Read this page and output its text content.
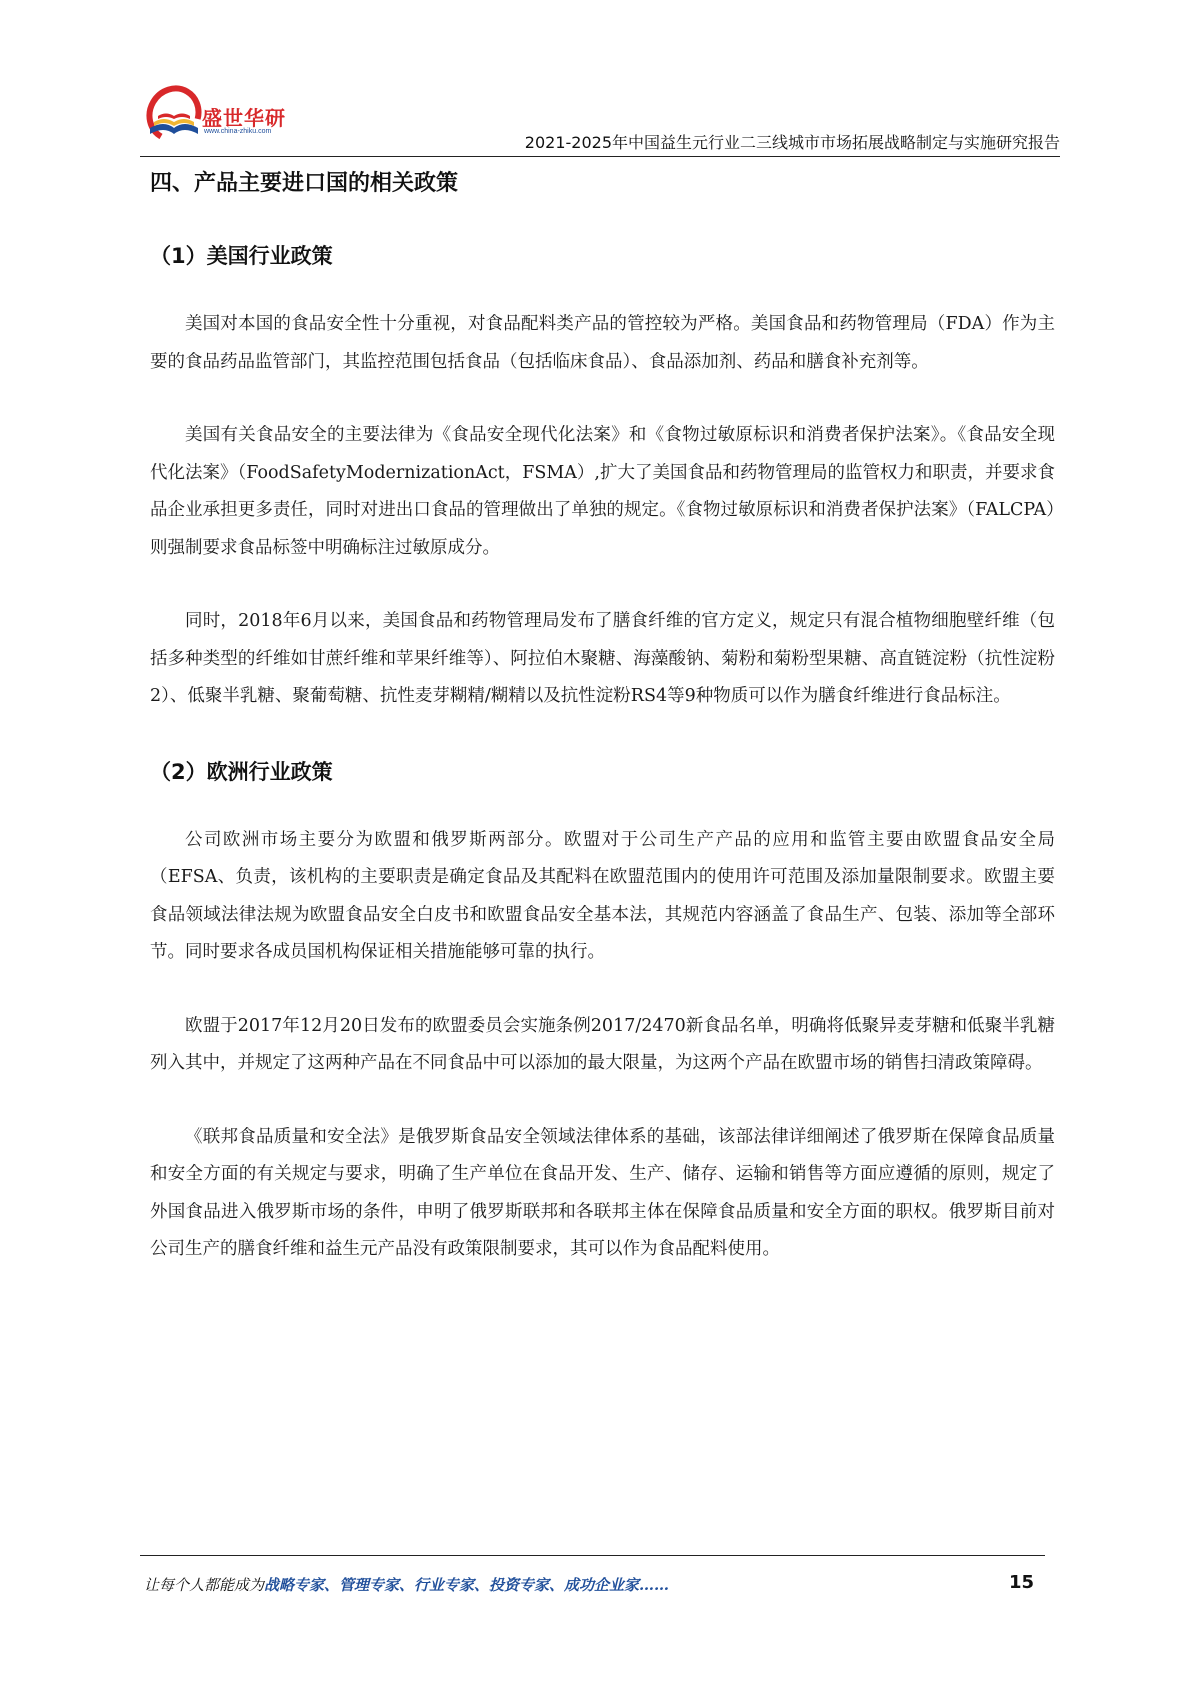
盛世华研
www.china-zhiku.com
2021-2025年中国益生元行业二三线城市市场拓展战略制定与实施研究报告
四、产品主要进口国的相关政策
（1）美国行业政策

美国对本国的食品安全性十分重视，对食品配料类产品的管控较为严格。美国食品和药物管理局（FDA）作为主要的食品药品监管部门，其监控范围包括食品（包括临床食品）、食品添加剂、药品和膳食补充剂等。

美国有关食品安全的主要法律为《食品安全现代化法案》和《食物过敏原标识和消费者保护法案》。《食品安全现代化法案》（FoodSafetyModernizationAct，FSMA）,扩大了美国食品和药物管理局的监管权力和职责，并要求食品企业承担更多责任，同时对进出口食品的管理做出了单独的规定。《食物过敏原标识和消费者保护法案》（FALCPA）则强制要求食品标签中明确标注过敏原成分。

同时，2018年6月以来，美国食品和药物管理局发布了膳食纤维的官方定义，规定只有混合植物细胞壁纤维（包括多种类型的纤维如甘蔗纤维和苹果纤维等）、阿拉伯木聚糖、海藻酸钠、菊粉和菊粉型果糖、高直链淀粉（抗性淀粉2）、低聚半乳糖、聚葡萄糖、抗性麦芽糊精/糊精以及抗性淀粉RS4等9种物质可以作为膳食纤维进行食品标注。

（2）欧洲行业政策

公司欧洲市场主要分为欧盟和俄罗斯两部分。欧盟对于公司生产产品的应用和监管主要由欧盟食品安全局（EFSA、负责，该机构的主要职责是确定食品及其配料在欧盟范围内的使用许可范围及添加量限制要求。欧盟主要食品领域法律法规为欧盟食品安全白皮书和欧盟食品安全基本法，其规范内容涵盖了食品生产、包装、添加等全部环节。同时要求各成员国机构保证相关措施能够可靠的执行。

欧盟于2017年12月20日发布的欧盟委员会实施条例2017/2470新食品名单，明确将低聚异麦芽糖和低聚半乳糖列入其中，并规定了这两种产品在不同食品中可以添加的最大限量，为这两个产品在欧盟市场的销售扫清政策障碍。

《联邦食品质量和安全法》是俄罗斯食品安全领域法律体系的基础，该部法律详细阐述了俄罗斯在保障食品质量和安全方面的有关规定与要求，明确了生产单位在食品开发、生产、储存、运输和销售等方面应遵循的原则，规定了外国食品进入俄罗斯市场的条件，申明了俄罗斯联邦和各联邦主体在保障食品质量和安全方面的职权。俄罗斯目前对公司生产的膳食纤维和益生元产品没有政策限制要求，其可以作为食品配料使用。

让每个人都能成为战略专家、管理专家、行业专家、投资专家、成功企业家……	15
